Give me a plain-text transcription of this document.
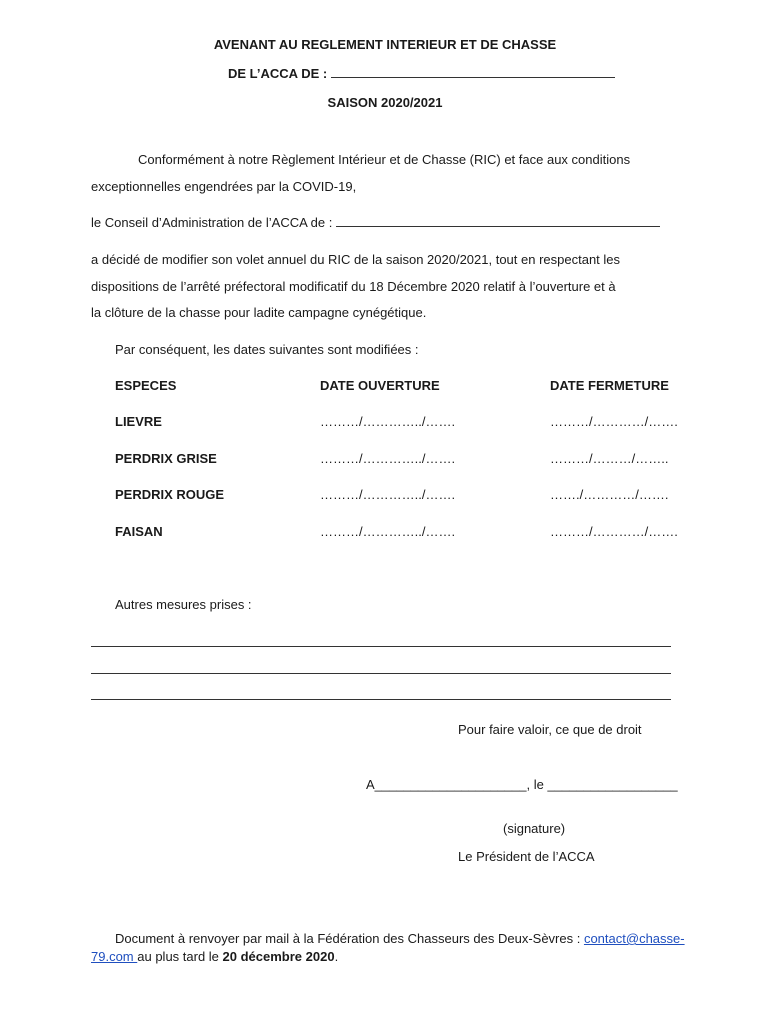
AVENANT AU REGLEMENT INTERIEUR ET DE CHASSE
DE L’ACCA DE :
SAISON 2020/2021
Conformément à notre Règlement Intérieur et de Chasse (RIC) et face aux conditions
exceptionnelles engendrées par la COVID-19,
le Conseil d’Administration de l’ACCA de :
a décidé de modifier son volet annuel du RIC de la saison 2020/2021, tout en respectant les
dispositions de l’arrêté préfectoral modificatif du 18 Décembre 2020 relatif à l’ouverture et à
la clôture de la chasse pour ladite campagne cynégétique.
Par conséquent, les dates suivantes sont modifiées :
ESPECES	DATE OUVERTURE	DATE FERMETURE
LIEVRE	………/…………../…….	………/…………/…….
PERDRIX GRISE	………/…………../…….	………/………/……..
PERDRIX ROUGE	………/…………../…….	……./…………/…….
FAISAN	………/…………../…….	………/…………/…….
Autres mesures prises :
Pour faire valoir, ce que de droit
A_____________________, le __________________
(signature)
Le Président de l’ACCA
Document à renvoyer par mail à la Fédération des Chasseurs des Deux-Sèvres : contact@chasse-
79.com au plus tard le 20 décembre 2020.
